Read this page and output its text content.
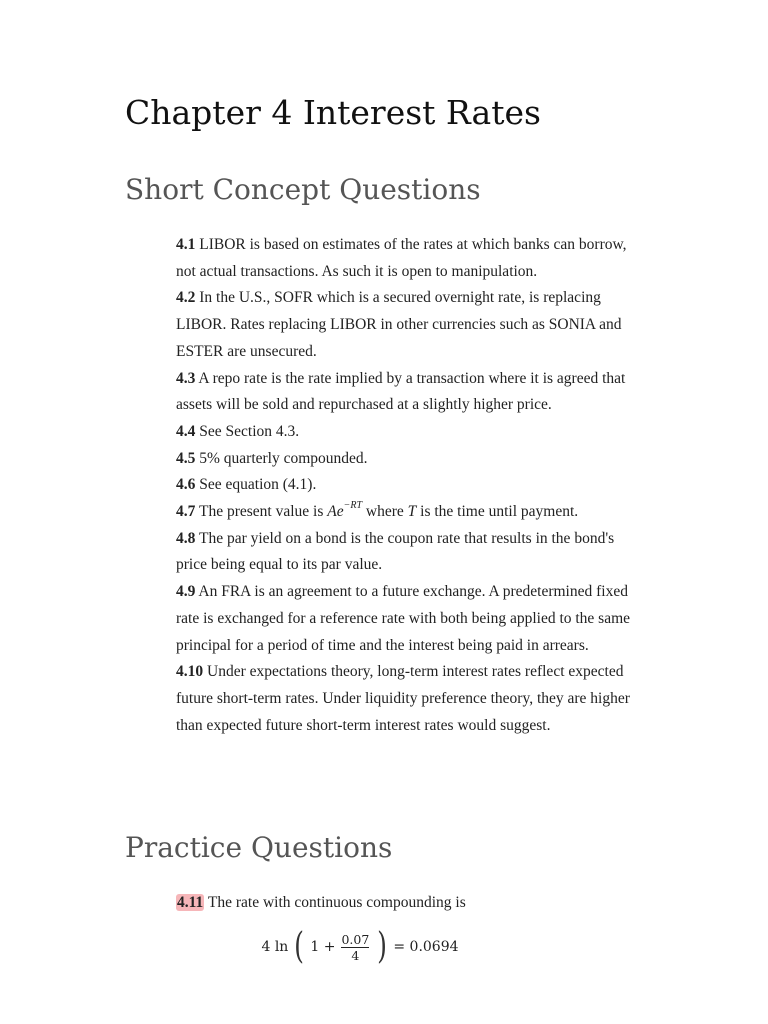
Chapter 4 Interest Rates
Short Concept Questions

4.1 LIBOR is based on estimates of the rates at which banks can borrow, not actual transactions. As such it is open to manipulation.

4.2 In the U.S., SOFR which is a secured overnight rate, is replacing LIBOR. Rates replacing LIBOR in other currencies such as SONIA and ESTER are unsecured.

4.3 A repo rate is the rate implied by a transaction where it is agreed that assets will be sold and repurchased at a slightly higher price.

4.4 See Section 4.3.

4.5 5% quarterly compounded.

4.6 See equation (4.1).

4.7 The present value is $Ae^{-RT}$ where T is the time until payment.

4.8 The par yield on a bond is the coupon rate that results in the bond's price being equal to its par value.

4.9 An FRA is an agreement to a future exchange. A predetermined fixed rate is exchanged for a reference rate with both being applied to the same principal for a period of time and the interest being paid in arrears.

4.10 Under expectations theory, long-term interest rates reflect expected future short-term rates. Under liquidity preference theory, they are higher than expected future short-term interest rates would suggest.

Practice Questions
4.11 The rate with continuous compounding is
4 ln ( $1 + \frac{0.07}{4}$ ) = 0.0694
